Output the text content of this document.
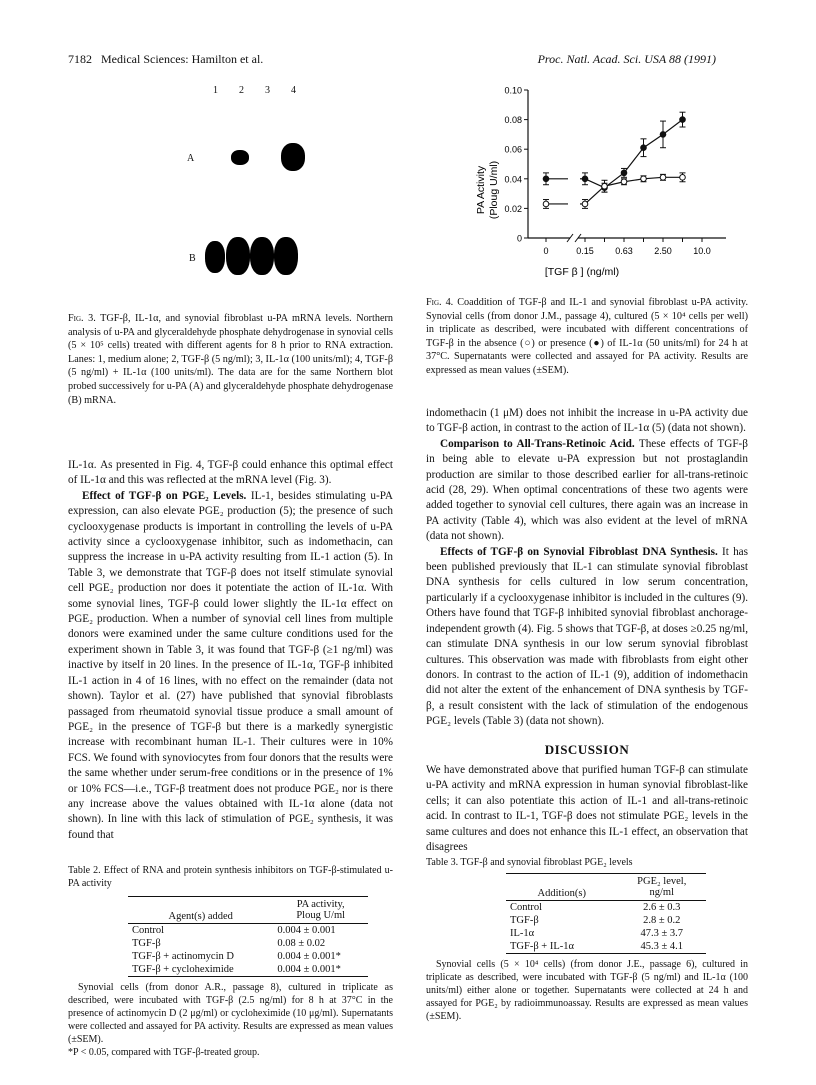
7182 Medical Sciences: Hamilton et al.	Proc. Natl. Acad. Sci. USA 88 (1991)
1 2 3 4
A
B
Fig. 3. TGF-β, IL-1α, and synovial fibroblast u-PA mRNA levels. Northern analysis of u-PA and glyceraldehyde phosphate dehydrogenase in synovial cells (5 × 10⁵ cells) treated with different agents for 8 h prior to RNA extraction. Lanes: 1, medium alone; 2, TGF-β (5 ng/ml); 3, IL-1α (100 units/ml); 4, TGF-β (5 ng/ml) + IL-1α (100 units/ml). The data are for the same Northern blot probed successively for u-PA (A) and glyceraldehyde phosphate dehydrogenase (B) mRNA.

IL-1α. As presented in Fig. 4, TGF-β could enhance this optimal effect of IL-1α and this was reflected at the mRNA level (Fig. 3).

Effect of TGF-β on PGE₂ Levels. IL-1, besides stimulating u-PA expression, can also elevate PGE₂ production (5); the presence of such cyclooxygenase products is important in controlling the levels of u-PA activity since a cyclooxygenase inhibitor, such as indomethacin, can suppress the increase in u-PA activity resulting from IL-1 action (5). In Table 3, we demonstrate that TGF-β does not itself stimulate synovial cell PGE₂ production nor does it potentiate the action of IL-1α. With some synovial lines, TGF-β could lower slightly the IL-1α effect on PGE₂ production. When a number of synovial cell lines from multiple donors were examined under the same culture conditions used for the experiment shown in Table 3, it was found that TGF-β (≥1 ng/ml) was inactive by itself in 20 lines. In the presence of IL-1α, TGF-β inhibited IL-1 action in 4 of 16 lines, with no effect on the remainder (data not shown). Taylor et al. (27) have published that synovial fibroblasts passaged from rheumatoid synovial tissue produce a small amount of PGE₂ in the presence of TGF-β but there is a markedly synergistic increase with recombinant human IL-1. Their cultures were in 10% FCS. We found with synoviocytes from four donors that the results were the same whether under serum-free conditions or in the presence of 1% or 10% FCS—i.e., TGF-β treatment does not produce PGE₂ nor is there any increase above the values obtained with IL-1α alone (data not shown). In line with this lack of stimulation of PGE₂ synthesis, it was found that

Table 2. Effect of RNA and protein synthesis inhibitors on TGF-β-stimulated u-PA activity
Agent(s) added	PA activity,
Ploug U/ml

Control	0.004 ± 0.001
TGF-β	0.08 ± 0.02
TGF-β + actinomycin D	0.004 ± 0.001*
TGF-β + cycloheximide	0.004 ± 0.001*
Synovial cells (from donor A.R., passage 8), cultured in triplicate as described, were incubated with TGF-β (2.5 ng/ml) for 8 h at 37°C in the presence of actinomycin D (2 μg/ml) or cycloheximide (10 μg/ml). Supernatants were collected and assayed for PA activity. Results are expressed as mean values (±SEM).
*P < 0.05, compared with TGF-β-treated group.
PA Activity (Ploug U/ml)
0
0.02
0.04
0.06
0.08
0.10
0	0.15 0.63 2.50 10.0
[TGF β ] (ng/ml)
Fig. 4. Coaddition of TGF-β and IL-1 and synovial fibroblast u-PA activity. Synovial cells (from donor J.M., passage 4), cultured (5 × 10⁴ cells per well) in triplicate as described, were incubated with different concentrations of TGF-β in the absence (○) or presence (●) of IL-1α (50 units/ml) for 24 h at 37°C. Supernatants were collected and assayed for PA activity. Results are expressed as mean values (±SEM).

indomethacin (1 μM) does not inhibit the increase in u-PA activity due to TGF-β action, in contrast to the action of IL-1α (5) (data not shown).

Comparison to All-Trans-Retinoic Acid. These effects of TGF-β in being able to elevate u-PA expression but not prostaglandin production are similar to those described earlier for all-trans-retinoic acid (28, 29). When optimal concentrations of these two agents were added together to synovial cell cultures, there again was an increase in PA activity (Table 4), which was also evident at the level of mRNA (data not shown).

Effects of TGF-β on Synovial Fibroblast DNA Synthesis. It has been published previously that IL-1 can stimulate synovial fibroblast DNA synthesis for cells cultured in low serum concentration, particularly if a cyclooxygenase inhibitor is included in the cultures (9). Others have found that TGF-β inhibited synovial fibroblast anchorage-independent growth (4). Fig. 5 shows that TGF-β, at doses ≥0.25 ng/ml, can stimulate DNA synthesis in our low serum synovial fibroblast cultures. This observation was made with fibroblasts from eight other donors. In contrast to the action of IL-1 (9), addition of indomethacin did not alter the extent of the enhancement of DNA synthesis by TGF-β, a result consistent with the lack of stimulation of the endogenous PGE₂ levels (Table 3) (data not shown).

DISCUSSION

We have demonstrated above that purified human TGF-β can stimulate u-PA activity and mRNA expression in human synovial fibroblast-like cells; it can also potentiate this action of IL-1 and all-trans-retinoic acid. In contrast to IL-1, TGF-β does not stimulate PGE₂ levels in the same cultures and does not enhance this IL-1 effect, an observation that disagrees

Table 3. TGF-β and synovial fibroblast PGE₂ levels
Addition(s)	PGE₂ level,
ng/ml

Control	2.6 ± 0.3
TGF-β	2.8 ± 0.2
IL-1α	47.3 ± 3.7
TGF-β + IL-1α	45.3 ± 4.1
Synovial cells (5 × 10⁴ cells) (from donor J.E., passage 6), cultured in triplicate as described, were incubated with TGF-β (5 ng/ml) and IL-1α (100 units/ml) either alone or together. Supernatants were collected at 24 h and assayed for PGE₂ by radioimmunoassay. Results are expressed as mean values (±SEM).
